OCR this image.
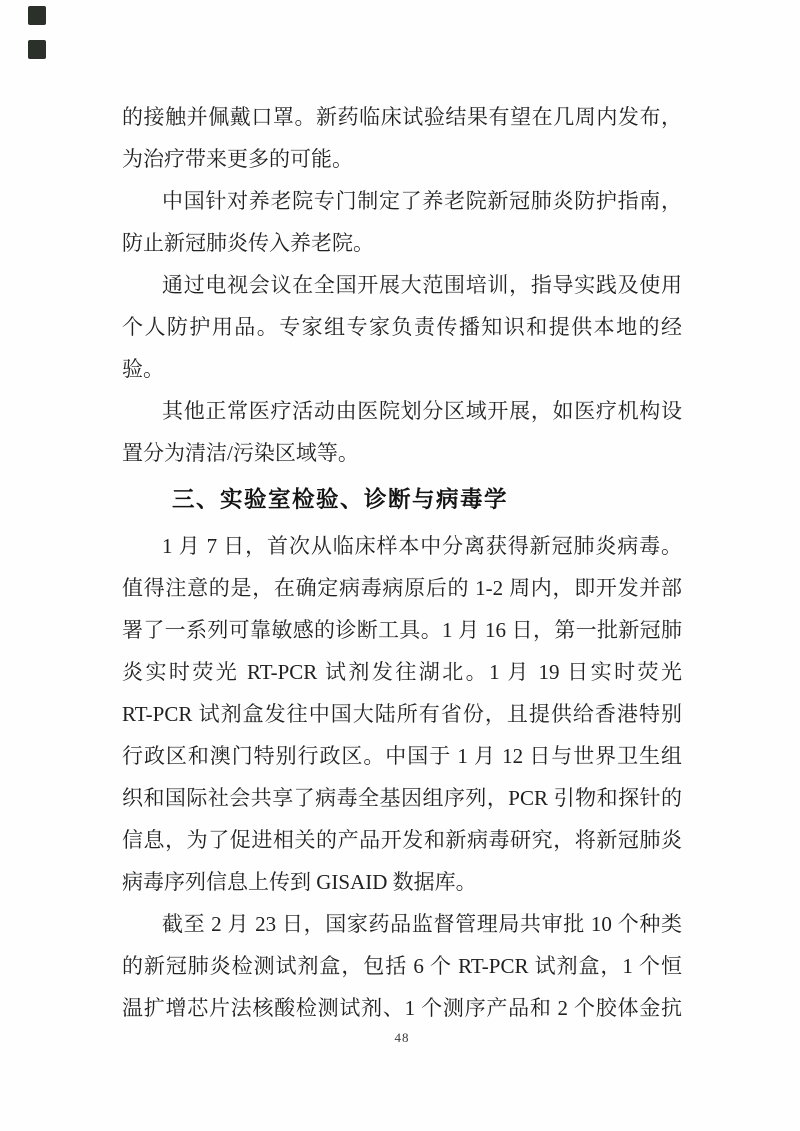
的接触并佩戴口罩。新药临床试验结果有望在几周内发布，
为治疗带来更多的可能。
中国针对养老院专门制定了养老院新冠肺炎防护指南，
防止新冠肺炎传入养老院。
通过电视会议在全国开展大范围培训，指导实践及使用
个人防护用品。专家组专家负责传播知识和提供本地的经
验。
其他正常医疗活动由医院划分区域开展，如医疗机构设
置分为清洁/污染区域等。
三、实验室检验、诊断与病毒学
1 月 7 日，首次从临床样本中分离获得新冠肺炎病毒。
值得注意的是，在确定病毒病原后的 1-2 周内，即开发并部
署了一系列可靠敏感的诊断工具。1 月 16 日，第一批新冠肺
炎实时荧光 RT-PCR 试剂发往湖北。1 月 19 日实时荧光
RT-PCR 试剂盒发往中国大陆所有省份，且提供给香港特别
行政区和澳门特别行政区。中国于 1 月 12 日与世界卫生组
织和国际社会共享了病毒全基因组序列，PCR 引物和探针的
信息，为了促进相关的产品开发和新病毒研究，将新冠肺炎
病毒序列信息上传到 GISAID 数据库。
截至 2 月 23 日，国家药品监督管理局共审批 10 个种类
的新冠肺炎检测试剂盒，包括 6 个 RT-PCR 试剂盒，1 个恒
温扩增芯片法核酸检测试剂、1 个测序产品和 2 个胶体金抗
48
